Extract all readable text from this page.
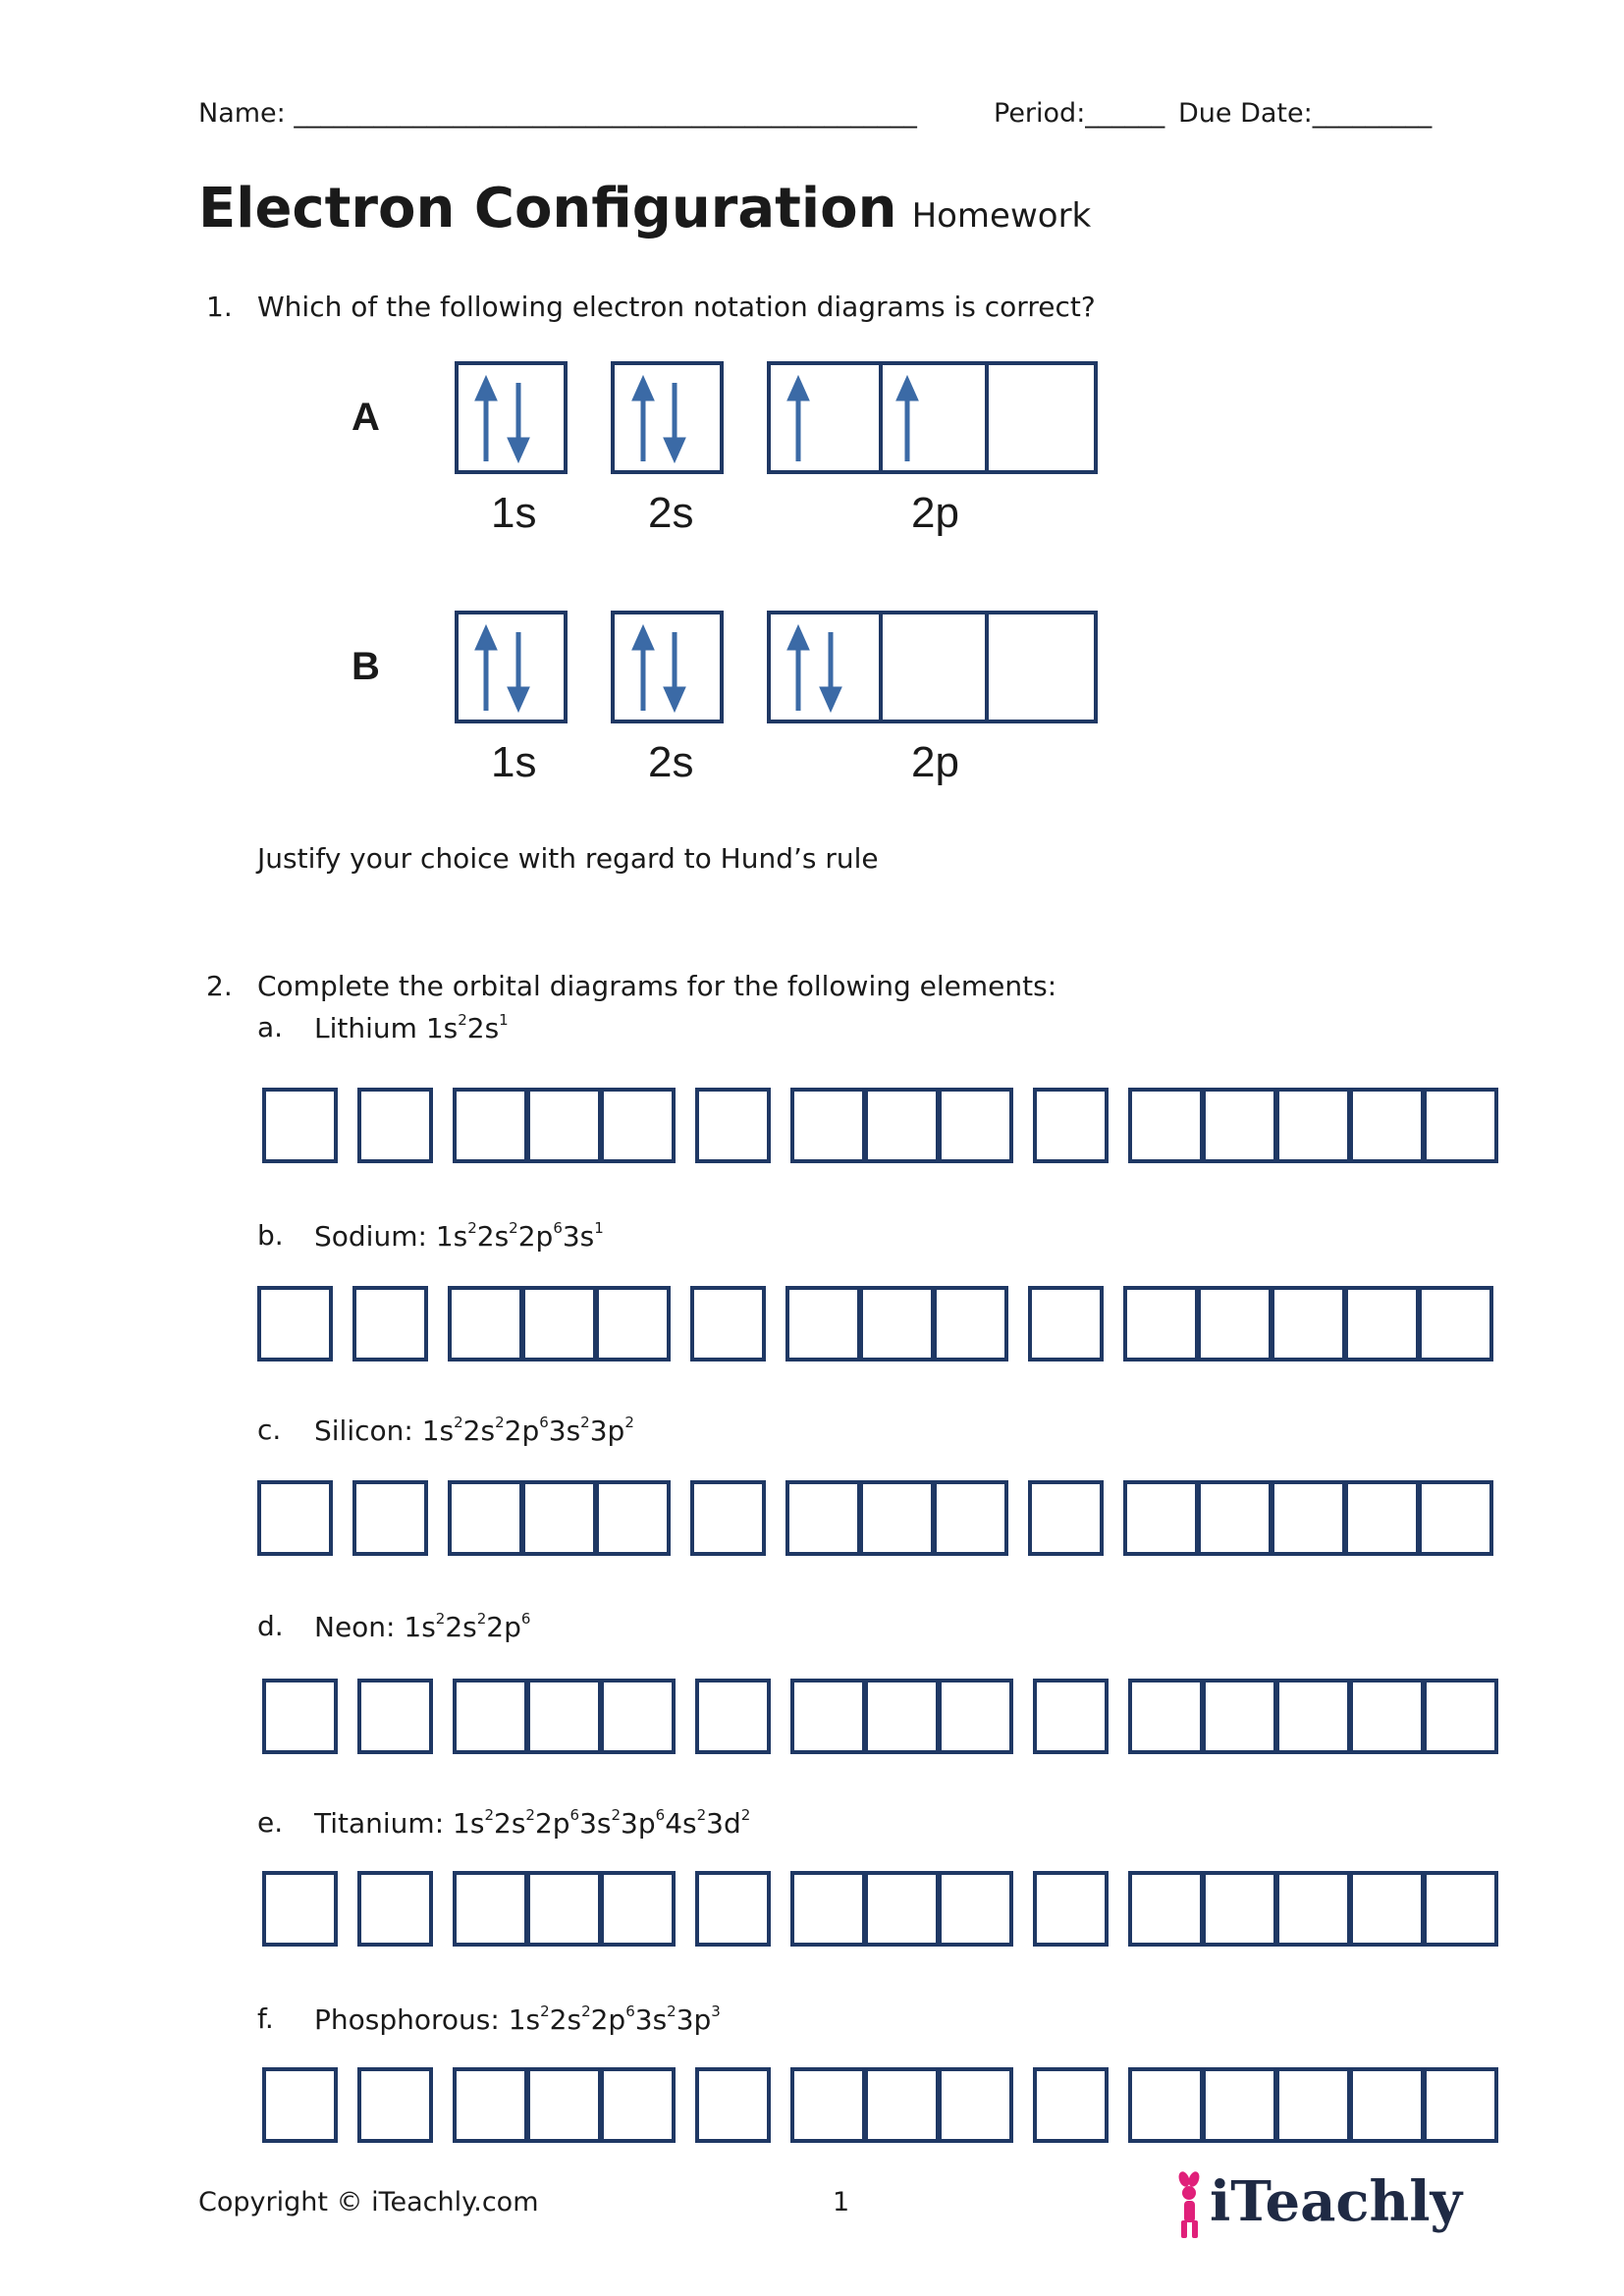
Name: _______________________________________________	Period:______ Due Date:_________
Electron Configuration Homework
1. Which of the following electron notation diagrams is correct?
A
1s	2s	2p
B
1s	2s	2p
Justify your choice with regard to Hund’s rule
2. Complete the orbital diagrams for the following elements:
a. Lithium $1s^22s^1$
b. Sodium: $1s^22s^22p^63s^1$
c. Silicon: $1s^22s^22p^63s^23p^2$
d. Neon: $1s^22s^22p^6$
e. Titanium: $1s^22s^22p^63s^23p^64s^23d^2$
f. Phosphorous: $1s^22s^22p^63s^23p^3$
Copyright © iTeachly.com	1	iTeachly
